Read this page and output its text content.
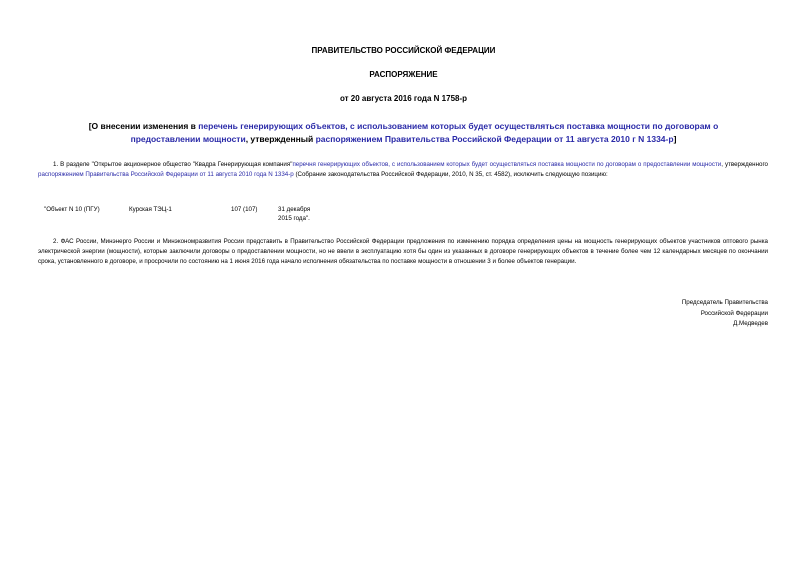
ПРАВИТЕЛЬСТВО РОССИЙСКОЙ ФЕДЕРАЦИИ
РАСПОРЯЖЕНИЕ
от 20 августа 2016 года N 1758-р
[О внесении изменения в перечень генерирующих объектов, с использованием которых будет осуществляться поставка мощности по договорам о предоставлении мощности, утвержденный распоряжением Правительства Российской Федерации от 11 августа 2010 г N 1334-р]
1. В разделе "Открытое акционерное общество "Квадра Генерирующая компания"перечня генерирующих объектов, с использованием которых будет осуществляться поставка мощности по договорам о предоставлении мощности, утвержденного распоряжением Правительства Российской Федерации от 11 августа 2010 года N 1334-р (Собрание законодательства Российской Федерации, 2010, N 35, ст. 4582), исключить следующую позицию:
"Объект N 10 (ПГУ)	Курская ТЭЦ-1	107 (107)	31 декабря
2015 года".
2. ФАС России, Минэнерго России и Минэкономразвития России представить в Правительство Российской Федерации предложения по изменению порядка определения цены на мощность генерирующих объектов участников оптового рынка электрической энергии (мощности), которые заключили договоры о предоставлении мощности, но не ввели в эксплуатацию хотя бы один из указанных в договоре генерирующих объектов в течение более чем 12 календарных месяцев по окончании срока, установленного в договоре, и просрочили по состоянию на 1 июня 2016 года начало исполнения обязательства по поставке мощности в отношении 3 и более объектов генерации.
Председатель Правительства
Российской Федерации
Д.Медведев
